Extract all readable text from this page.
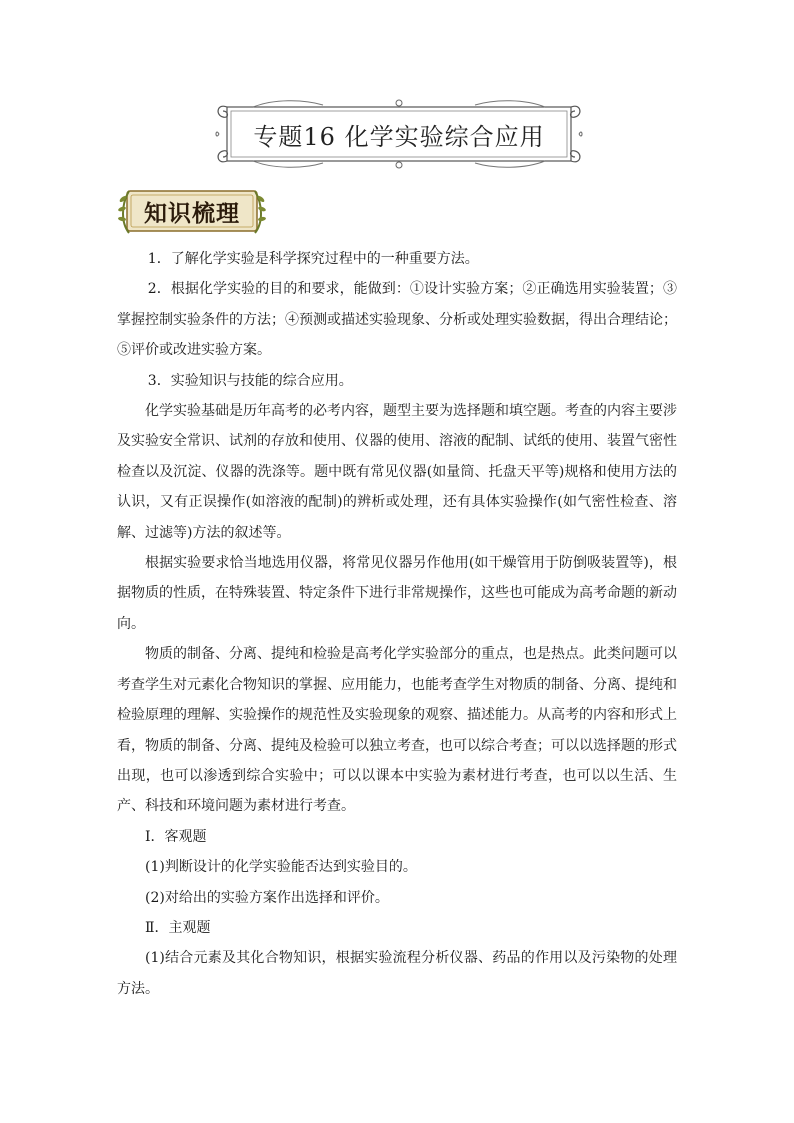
专题16 化学实验综合应用
知识梳理

1．了解化学实验是科学探究过程中的一种重要方法。

2．根据化学实验的目的和要求，能做到：①设计实验方案；②正确选用实验装置；③掌握控制实验条件的方法；④预测或描述实验现象、分析或处理实验数据，得出合理结论；⑤评价或改进实验方案。

3．实验知识与技能的综合应用。

化学实验基础是历年高考的必考内容，题型主要为选择题和填空题。考查的内容主要涉及实验安全常识、试剂的存放和使用、仪器的使用、溶液的配制、试纸的使用、装置气密性检查以及沉淀、仪器的洗涤等。题中既有常见仪器(如量筒、托盘天平等)规格和使用方法的认识，又有正误操作(如溶液的配制)的辨析或处理，还有具体实验操作(如气密性检查、溶解、过滤等)方法的叙述等。

根据实验要求恰当地选用仪器，将常见仪器另作他用(如干燥管用于防倒吸装置等)，根据物质的性质，在特殊装置、特定条件下进行非常规操作，这些也可能成为高考命题的新动向。

物质的制备、分离、提纯和检验是高考化学实验部分的重点，也是热点。此类问题可以考查学生对元素化合物知识的掌握、应用能力，也能考查学生对物质的制备、分离、提纯和检验原理的理解、实验操作的规范性及实验现象的观察、描述能力。从高考的内容和形式上看，物质的制备、分离、提纯及检验可以独立考查，也可以综合考查；可以以选择题的形式出现，也可以渗透到综合实验中；可以以课本中实验为素材进行考查，也可以以生活、生产、科技和环境问题为素材进行考查。

Ⅰ．客观题

(1)判断设计的化学实验能否达到实验目的。

(2)对给出的实验方案作出选择和评价。

Ⅱ．主观题

(1)结合元素及其化合物知识，根据实验流程分析仪器、药品的作用以及污染物的处理方法。
